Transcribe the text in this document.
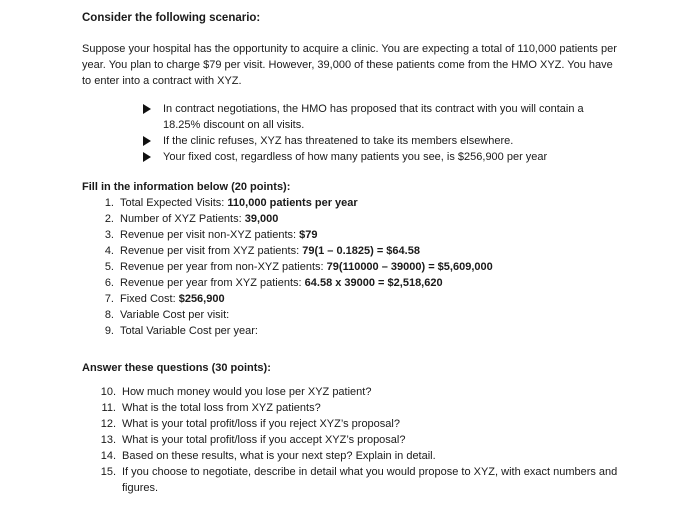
Consider the following scenario:
Suppose your hospital has the opportunity to acquire a clinic. You are expecting a total of 110,000 patients per year. You plan to charge $79 per visit. However, 39,000 of these patients come from the HMO XYZ. You have to enter into a contract with XYZ.
In contract negotiations, the HMO has proposed that its contract with you will contain a 18.25% discount on all visits.
If the clinic refuses, XYZ has threatened to take its members elsewhere.
Your fixed cost, regardless of how many patients you see, is $256,900 per year
Fill in the information below (20 points):
1. Total Expected Visits: 110,000 patients per year
2. Number of XYZ Patients: 39,000
3. Revenue per visit non-XYZ patients: $79
4. Revenue per visit from XYZ patients: 79(1 – 0.1825) = $64.58
5. Revenue per year from non-XYZ patients: 79(110000 – 39000) = $5,609,000
6. Revenue per year from XYZ patients: 64.58 x 39000 = $2,518,620
7. Fixed Cost: $256,900
8. Variable Cost per visit:
9. Total Variable Cost per year:
Answer these questions (30 points):
10. How much money would you lose per XYZ patient?
11. What is the total loss from XYZ patients?
12. What is your total profit/loss if you reject XYZ’s proposal?
13. What is your total profit/loss if you accept XYZ’s proposal?
14. Based on these results, what is your next step? Explain in detail.
15. If you choose to negotiate, describe in detail what you would propose to XYZ, with exact numbers and figures.
